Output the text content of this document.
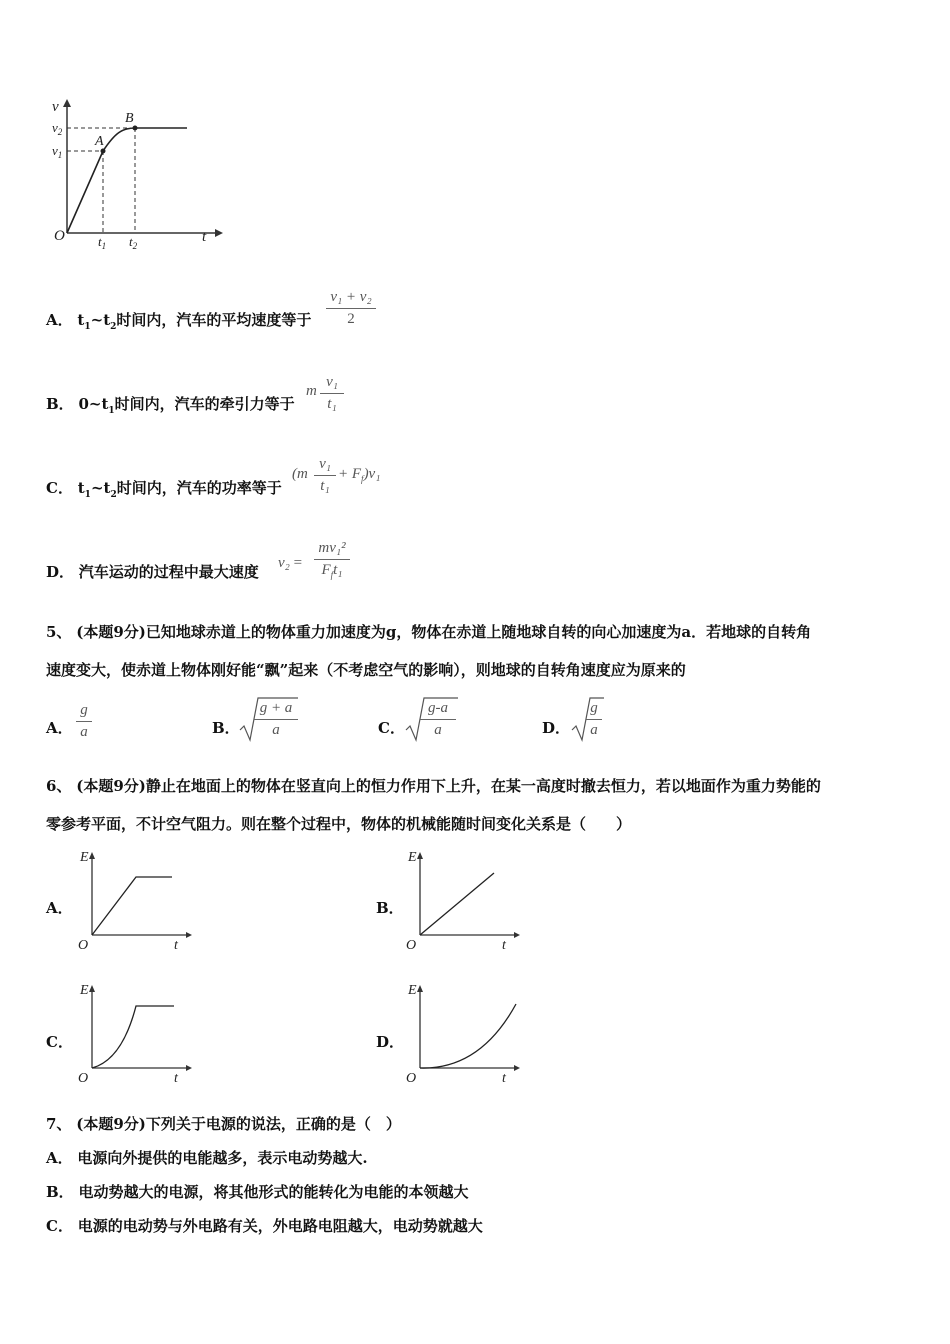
v
t
O
$v_2$
$v_1$
A
B
$t_1$ $t_2$
A． $t_1\sim t_2$时间内，汽车的平均速度等于
v₁ + v₂
2
B． $0\sim t_1$时间内，汽车的牵引力等于
m
v₁
t₁
C． $t_1\sim t_2$时间内，汽车的功率等于
(m
v₁
t₁
+ $F_f)v_1$
D． 汽车运动的过程中最大速度 v₂ =
mv₁²
$F_ft_1$
5、 (本题9分)已知地球赤道上的物体重力加速度为g，物体在赤道上随地球自转的向心加速度为a．若地球的自转角
速度变大，使赤道上物体刚好能“飘”起来（不考虑空气的影响），则地球的自转角速度应为原来的
A．
g
a	B．
g + a
a	C．
g-a
a	D．
g
a
6、 (本题9分)静止在地面上的物体在竖直向上的恒力作用下上升，在某一高度时撤去恒力，若以地面作为重力势能的
零参考平面，不计空气阻力。则在整个过程中，物体的机械能随时间变化关系是（　　）
A．
E
O	t
B．
E
O	t
C．
E
O	t
D．
E
O	t
7、 (本题9分)下列关于电源的说法，正确的是（　）
A． 电源向外提供的电能越多，表示电动势越大.
B． 电动势越大的电源，将其他形式的能转化为电能的本领越大
C． 电源的电动势与外电路有关，外电路电阻越大，电动势就越大
